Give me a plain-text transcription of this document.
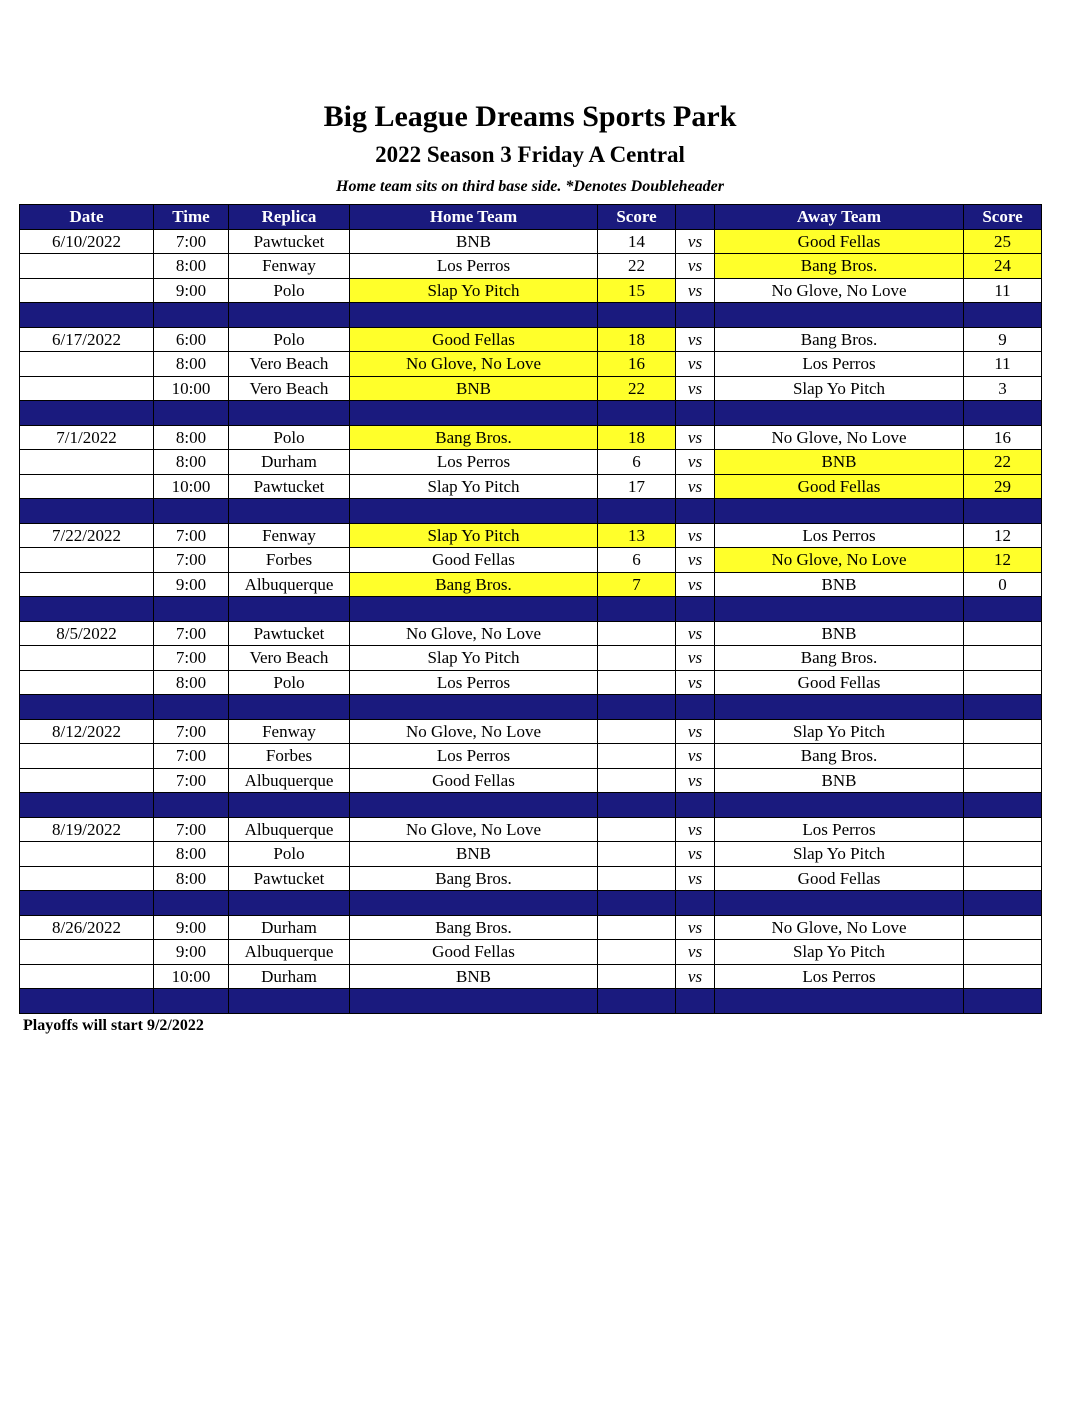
Big League Dreams Sports Park
2022 Season 3 Friday A Central

Home team sits on third base side. *Denotes Doubleheader

Date	Time	Replica	Home Team	Score		Away Team	Score
6/10/2022	7:00	Pawtucket	BNB	14	vs	Good Fellas	25
	8:00	Fenway	Los Perros	22	vs	Bang Bros.	24
	9:00	Polo	Slap Yo Pitch	15	vs	No Glove, No Love	11

6/17/2022	6:00	Polo	Good Fellas	18	vs	Bang Bros.	9
	8:00	Vero Beach	No Glove, No Love	16	vs	Los Perros	11
	10:00	Vero Beach	BNB	22	vs	Slap Yo Pitch	3

7/1/2022	8:00	Polo	Bang Bros.	18	vs	No Glove, No Love	16
	8:00	Durham	Los Perros	6	vs	BNB	22
	10:00	Pawtucket	Slap Yo Pitch	17	vs	Good Fellas	29

7/22/2022	7:00	Fenway	Slap Yo Pitch	13	vs	Los Perros	12
	7:00	Forbes	Good Fellas	6	vs	No Glove, No Love	12
	9:00	Albuquerque	Bang Bros.	7	vs	BNB	0

8/5/2022	7:00	Pawtucket	No Glove, No Love		vs	BNB	
	7:00	Vero Beach	Slap Yo Pitch		vs	Bang Bros.	
	8:00	Polo	Los Perros		vs	Good Fellas	

8/12/2022	7:00	Fenway	No Glove, No Love		vs	Slap Yo Pitch	
	7:00	Forbes	Los Perros		vs	Bang Bros.	
	7:00	Albuquerque	Good Fellas		vs	BNB	

8/19/2022	7:00	Albuquerque	No Glove, No Love		vs	Los Perros	
	8:00	Polo	BNB		vs	Slap Yo Pitch	
	8:00	Pawtucket	Bang Bros.		vs	Good Fellas	

8/26/2022	9:00	Durham	Bang Bros.		vs	No Glove, No Love	
	9:00	Albuquerque	Good Fellas		vs	Slap Yo Pitch	
	10:00	Durham	BNB		vs	Los Perros	

Playoffs will start 9/2/2022
